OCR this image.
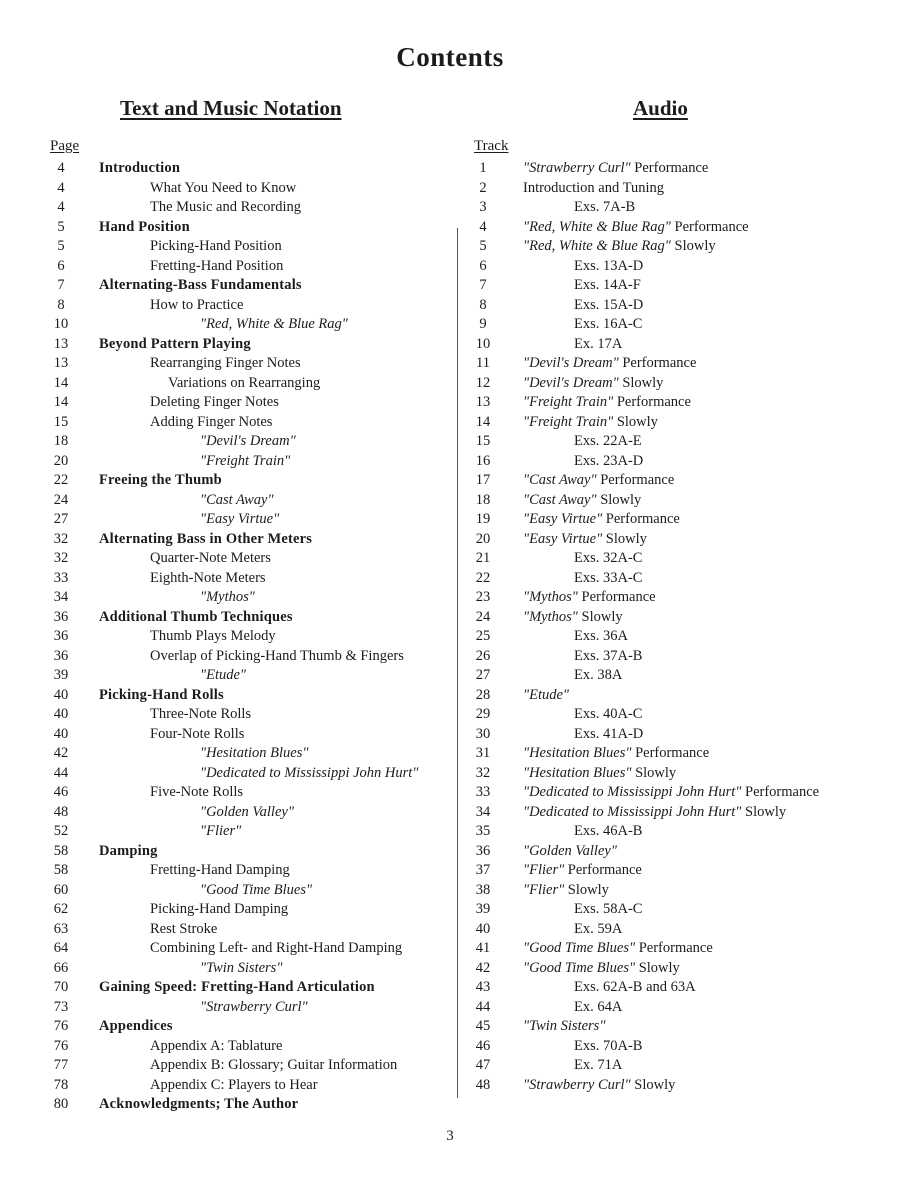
Contents
Text and Music Notation	Audio
Page	Track
4	Introduction
4	What You Need to Know
4	The Music and Recording
5	Hand Position
5	Picking-Hand Position
6	Fretting-Hand Position
7	Alternating-Bass Fundamentals
8	How to Practice
10	"Red, White & Blue Rag"
13	Beyond Pattern Playing
13	Rearranging Finger Notes
14	Variations on Rearranging
14	Deleting Finger Notes
15	Adding Finger Notes
18	"Devil's Dream"
20	"Freight Train"
22	Freeing the Thumb
24	"Cast Away"
27	"Easy Virtue"
32	Alternating Bass in Other Meters
32	Quarter-Note Meters
33	Eighth-Note Meters
34	"Mythos"
36	Additional Thumb Techniques
36	Thumb Plays Melody
36	Overlap of Picking-Hand Thumb & Fingers
39	"Etude"
40	Picking-Hand Rolls
40	Three-Note Rolls
40	Four-Note Rolls
42	"Hesitation Blues"
44	"Dedicated to Mississippi John Hurt"
46	Five-Note Rolls
48	"Golden Valley"
52	"Flier"
58	Damping
58	Fretting-Hand Damping
60	"Good Time Blues"
62	Picking-Hand Damping
63	Rest Stroke
64	Combining Left- and Right-Hand Damping
66	"Twin Sisters"
70	Gaining Speed: Fretting-Hand Articulation
73	"Strawberry Curl"
76	Appendices
76	Appendix A: Tablature
77	Appendix B: Glossary; Guitar Information
78	Appendix C: Players to Hear
80	Acknowledgments; The Author
1	"Strawberry Curl" Performance
2	Introduction and Tuning
3	Exs. 7A-B
4	"Red, White & Blue Rag" Performance
5	"Red, White & Blue Rag" Slowly
6	Exs. 13A-D
7	Exs. 14A-F
8	Exs. 15A-D
9	Exs. 16A-C
10	Ex. 17A
11	"Devil's Dream" Performance
12	"Devil's Dream" Slowly
13	"Freight Train" Performance
14	"Freight Train" Slowly
15	Exs. 22A-E
16	Exs. 23A-D
17	"Cast Away" Performance
18	"Cast Away" Slowly
19	"Easy Virtue" Performance
20	"Easy Virtue" Slowly
21	Exs. 32A-C
22	Exs. 33A-C
23	"Mythos" Performance
24	"Mythos" Slowly
25	Exs. 36A
26	Exs. 37A-B
27	Ex. 38A
28	"Etude"
29	Exs. 40A-C
30	Exs. 41A-D
31	"Hesitation Blues" Performance
32	"Hesitation Blues" Slowly
33	"Dedicated to Mississippi John Hurt" Performance
34	"Dedicated to Mississippi John Hurt" Slowly
35	Exs. 46A-B
36	"Golden Valley"
37	"Flier" Performance
38	"Flier" Slowly
39	Exs. 58A-C
40	Ex. 59A
41	"Good Time Blues" Performance
42	"Good Time Blues" Slowly
43	Exs. 62A-B and 63A
44	Ex. 64A
45	"Twin Sisters"
46	Exs. 70A-B
47	Ex. 71A
48	"Strawberry Curl" Slowly
3
